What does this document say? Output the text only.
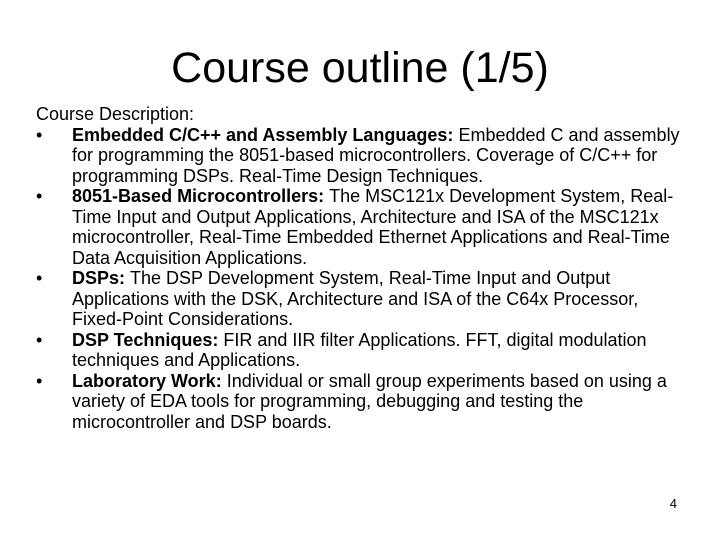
Course outline (1/5)
Course Description:
•	Embedded C/C++ and Assembly Languages: Embedded C and assembly for programming the 8051-based microcontrollers. Coverage of C/C++ for programming DSPs. Real-Time Design Techniques.
•	8051-Based Microcontrollers: The MSC121x Development System, Real-Time Input and Output Applications, Architecture and ISA of the MSC121x microcontroller, Real-Time Embedded Ethernet Applications and Real-Time Data Acquisition Applications.
•	DSPs: The DSP Development System, Real-Time Input and Output Applications with the DSK, Architecture and ISA of the C64x Processor, Fixed-Point Considerations.
•	DSP Techniques: FIR and IIR filter Applications. FFT, digital modulation techniques and Applications.
•	Laboratory Work: Individual or small group experiments based on using a variety of EDA tools for programming, debugging and testing the microcontroller and DSP boards.
4
